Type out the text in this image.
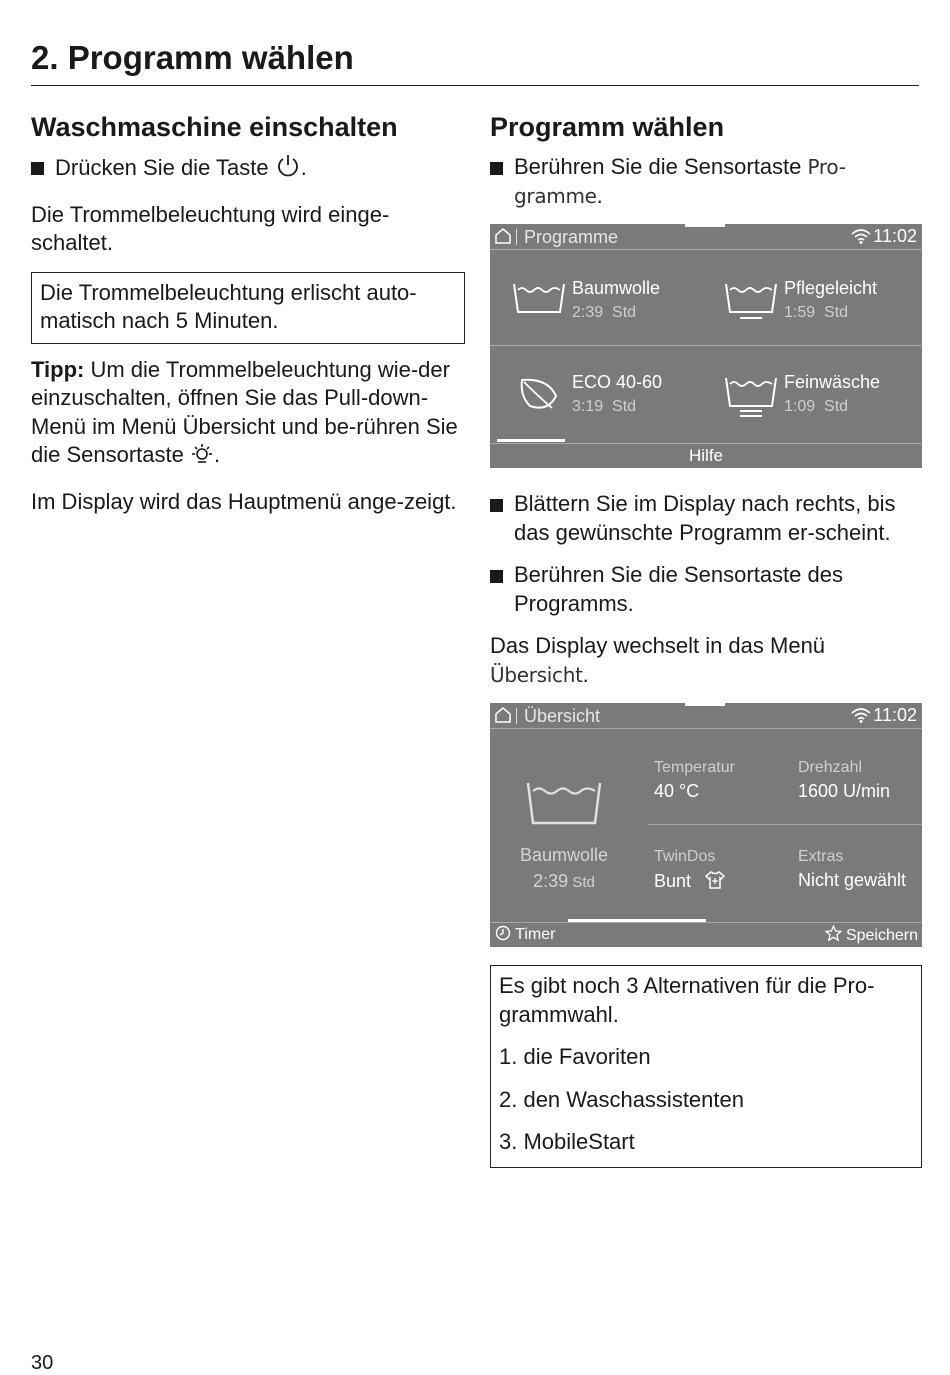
2. Programm wählen
Waschmaschine einschalten
Drücken Sie die Taste .

Die Trommelbeleuchtung wird einge-schaltet.

Die Trommelbeleuchtung erlischt auto-matisch nach 5 Minuten.

Tipp: Um die Trommelbeleuchtung wie-der einzuschalten, öffnen Sie das Pull-down-Menü im Menü Übersicht und be-rühren Sie die Sensortaste .

Im Display wird das Hauptmenü ange-zeigt.

Programm wählen
Berühren Sie die Sensortaste Pro-gramme.
Programme	11:02
Baumwolle
2:39 Std
Pflegeleicht
1:59 Std
ECO 40-60
3:19 Std
Feinwäsche
1:09 Std
Hilfe
Blättern Sie im Display nach rechts, bis das gewünschte Programm er-scheint.
Berühren Sie die Sensortaste des Programms.

Das Display wechselt in das Menü Übersicht.

Übersicht	11:02
Baumwolle
2:39 Std
Temperatur
40 °C
Drehzahl
1600 U/min
TwinDos
Bunt
Extras
Nicht gewählt
Timer	Speichern

Es gibt noch 3 Alternativen für die Pro-grammwahl.

1. die Favoriten

2. den Waschassistenten

3. MobileStart

30
